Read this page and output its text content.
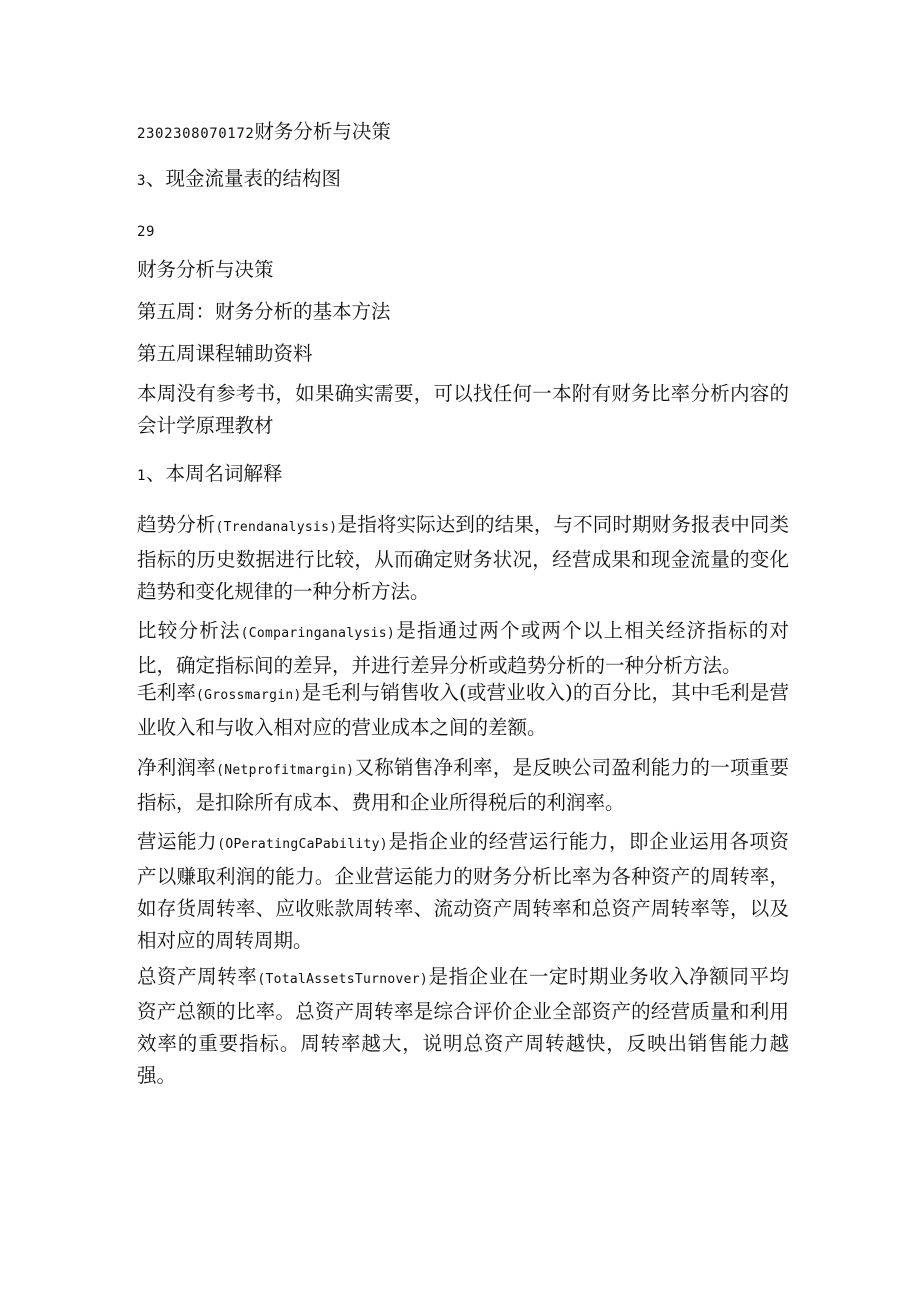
2302308070172财务分析与决策
3、现金流量表的结构图
29
财务分析与决策
第五周：财务分析的基本方法
第五周课程辅助资料
本周没有参考书，如果确实需要，可以找任何一本附有财务比率分析内容的会计学原理教材
1、本周名词解释
趋势分析(Trendanalysis)是指将实际达到的结果，与不同时期财务报表中同类指标的历史数据进行比较，从而确定财务状况，经营成果和现金流量的变化趋势和变化规律的一种分析方法。
比较分析法(Comparinganalysis)是指通过两个或两个以上相关经济指标的对比，确定指标间的差异，并进行差异分析或趋势分析的一种分析方法。
毛利率(Grossmargin)是毛利与销售收入(或营业收入)的百分比，其中毛利是营业收入和与收入相对应的营业成本之间的差额。
净利润率(Netprofitmargin)又称销售净利率，是反映公司盈利能力的一项重要指标，是扣除所有成本、费用和企业所得税后的利润率。
营运能力(OPeratingCaPability)是指企业的经营运行能力，即企业运用各项资产以赚取利润的能力。企业营运能力的财务分析比率为各种资产的周转率，如存货周转率、应收账款周转率、流动资产周转率和总资产周转率等，以及相对应的周转周期。
总资产周转率(TotalAssetsTurnover)是指企业在一定时期业务收入净额同平均资产总额的比率。总资产周转率是综合评价企业全部资产的经营质量和利用效率的重要指标。周转率越大，说明总资产周转越快，反映出销售能力越强。
